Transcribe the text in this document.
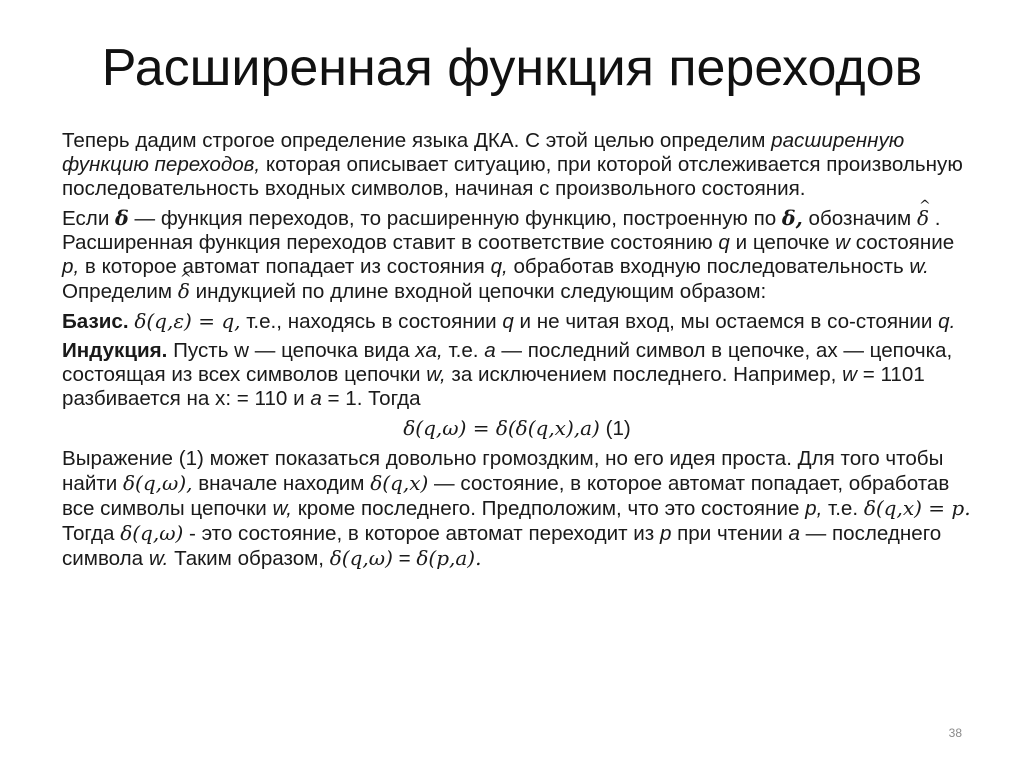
Расширенная функция переходов

Теперь дадим строгое определение языка ДКА. С этой целью определим расширенную функцию переходов, которая описывает ситуацию, при которой отслеживается произвольную последовательность входных символов, начиная с произвольного состояния.

Если δ — функция переходов, то расширенную функцию, построенную по δ, обозначим ^ δ . Расширенная функция переходов ставит в соответствие состоянию q и цепочке w состояние p, в которое автомат попадает из состояния q, обработав входную последовательность w. Определим ^ δ индукцией по длине входной цепочки следующим образом:

Базис. δ(q,ε) = q, т.е., находясь в состоянии q и не читая вход, мы остаемся в со-стоянии q.

Индукция. Пусть w — цепочка вида xa, т.е. a — последний символ в цепочке, ах — цепочка, состоящая из всех символов цепочки w, за исключением последнего. Например, w = 1101 разбивается на x: = 110 и a = 1. Тогда

δ(q,ω) = δ(δ(q,x),a) (1)

Выражение (1) может показаться довольно громоздким, но его идея проста. Для того чтобы найти δ(q,ω), вначале находим δ(q,x) — состояние, в которое автомат попадает, обработав все символы цепочки w, кроме последнего. Предположим, что это состояние p, т.е. δ(q,x) = p. Тогда δ(q,ω) - это состояние, в которое автомат переходит из p при чтении a — последнего символа w. Таким образом, δ(q,ω) = δ(p,a).

38
